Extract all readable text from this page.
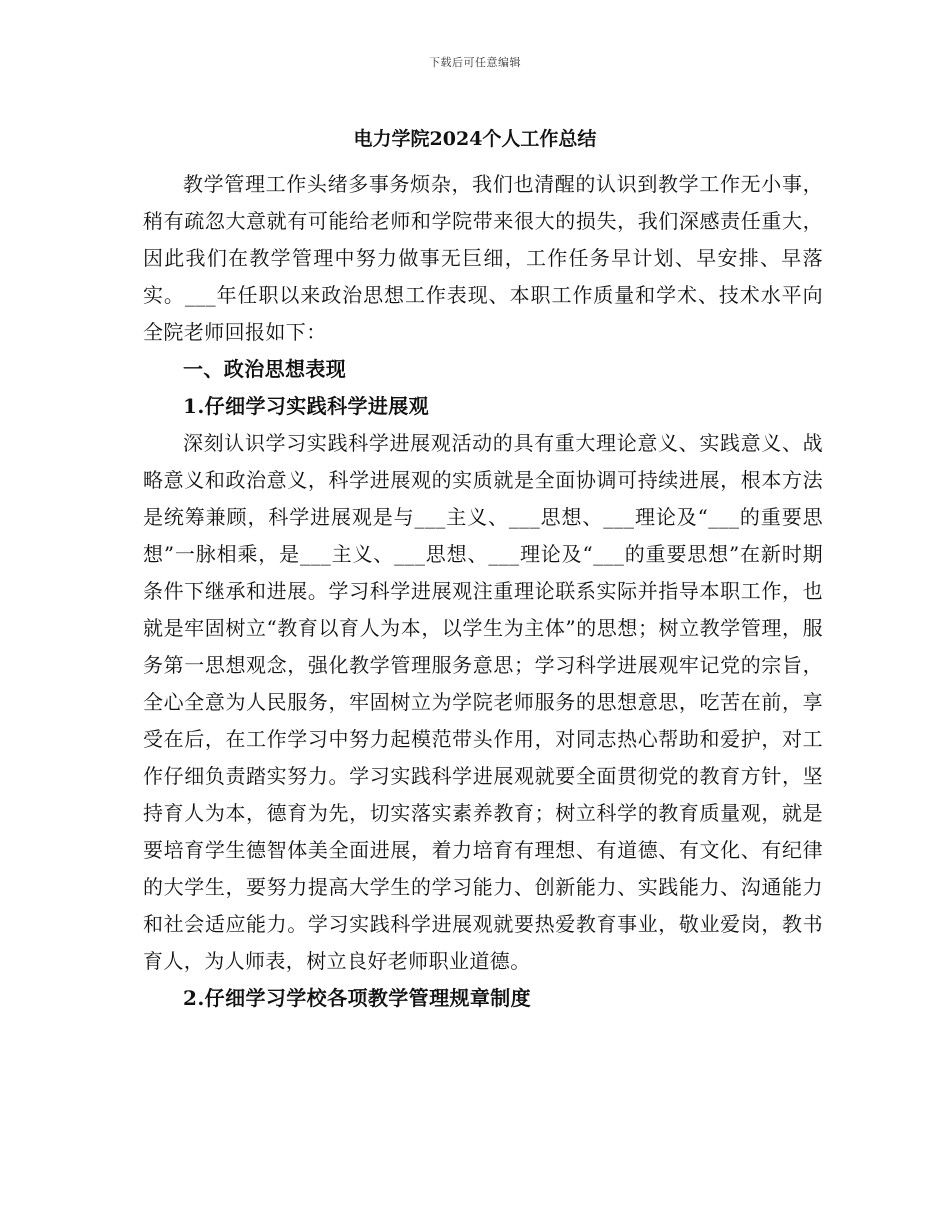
下载后可任意编辑
电力学院2024个人工作总结

教学管理工作头绪多事务烦杂，我们也清醒的认识到教学工作无小事，稍有疏忽大意就有可能给老师和学院带来很大的损失，我们深感责任重大，因此我们在教学管理中努力做事无巨细，工作任务早计划、早安排、早落实。___年任职以来政治思想工作表现、本职工作质量和学术、技术水平向全院老师回报如下：

一、政治思想表现
1.仔细学习实践科学进展观

深刻认识学习实践科学进展观活动的具有重大理论意义、实践意义、战略意义和政治意义，科学进展观的实质就是全面协调可持续进展，根本方法是统筹兼顾，科学进展观是与___主义、___思想、___理论及“___的重要思想”一脉相乘，是___主义、___思想、___理论及“___的重要思想”在新时期条件下继承和进展。学习科学进展观注重理论联系实际并指导本职工作，也就是牢固树立“教育以育人为本，以学生为主体”的思想；树立教学管理，服务第一思想观念，强化教学管理服务意思；学习科学进展观牢记党的宗旨，全心全意为人民服务，牢固树立为学院老师服务的思想意思，吃苦在前，享受在后，在工作学习中努力起模范带头作用，对同志热心帮助和爱护，对工作仔细负责踏实努力。学习实践科学进展观就要全面贯彻党的教育方针，坚持育人为本，德育为先，切实落实素养教育；树立科学的教育质量观，就是要培育学生德智体美全面进展，着力培育有理想、有道德、有文化、有纪律的大学生，要努力提高大学生的学习能力、创新能力、实践能力、沟通能力和社会适应能力。学习实践科学进展观就要热爱教育事业，敬业爱岗，教书育人，为人师表，树立良好老师职业道德。

2.仔细学习学校各项教学管理规章制度
